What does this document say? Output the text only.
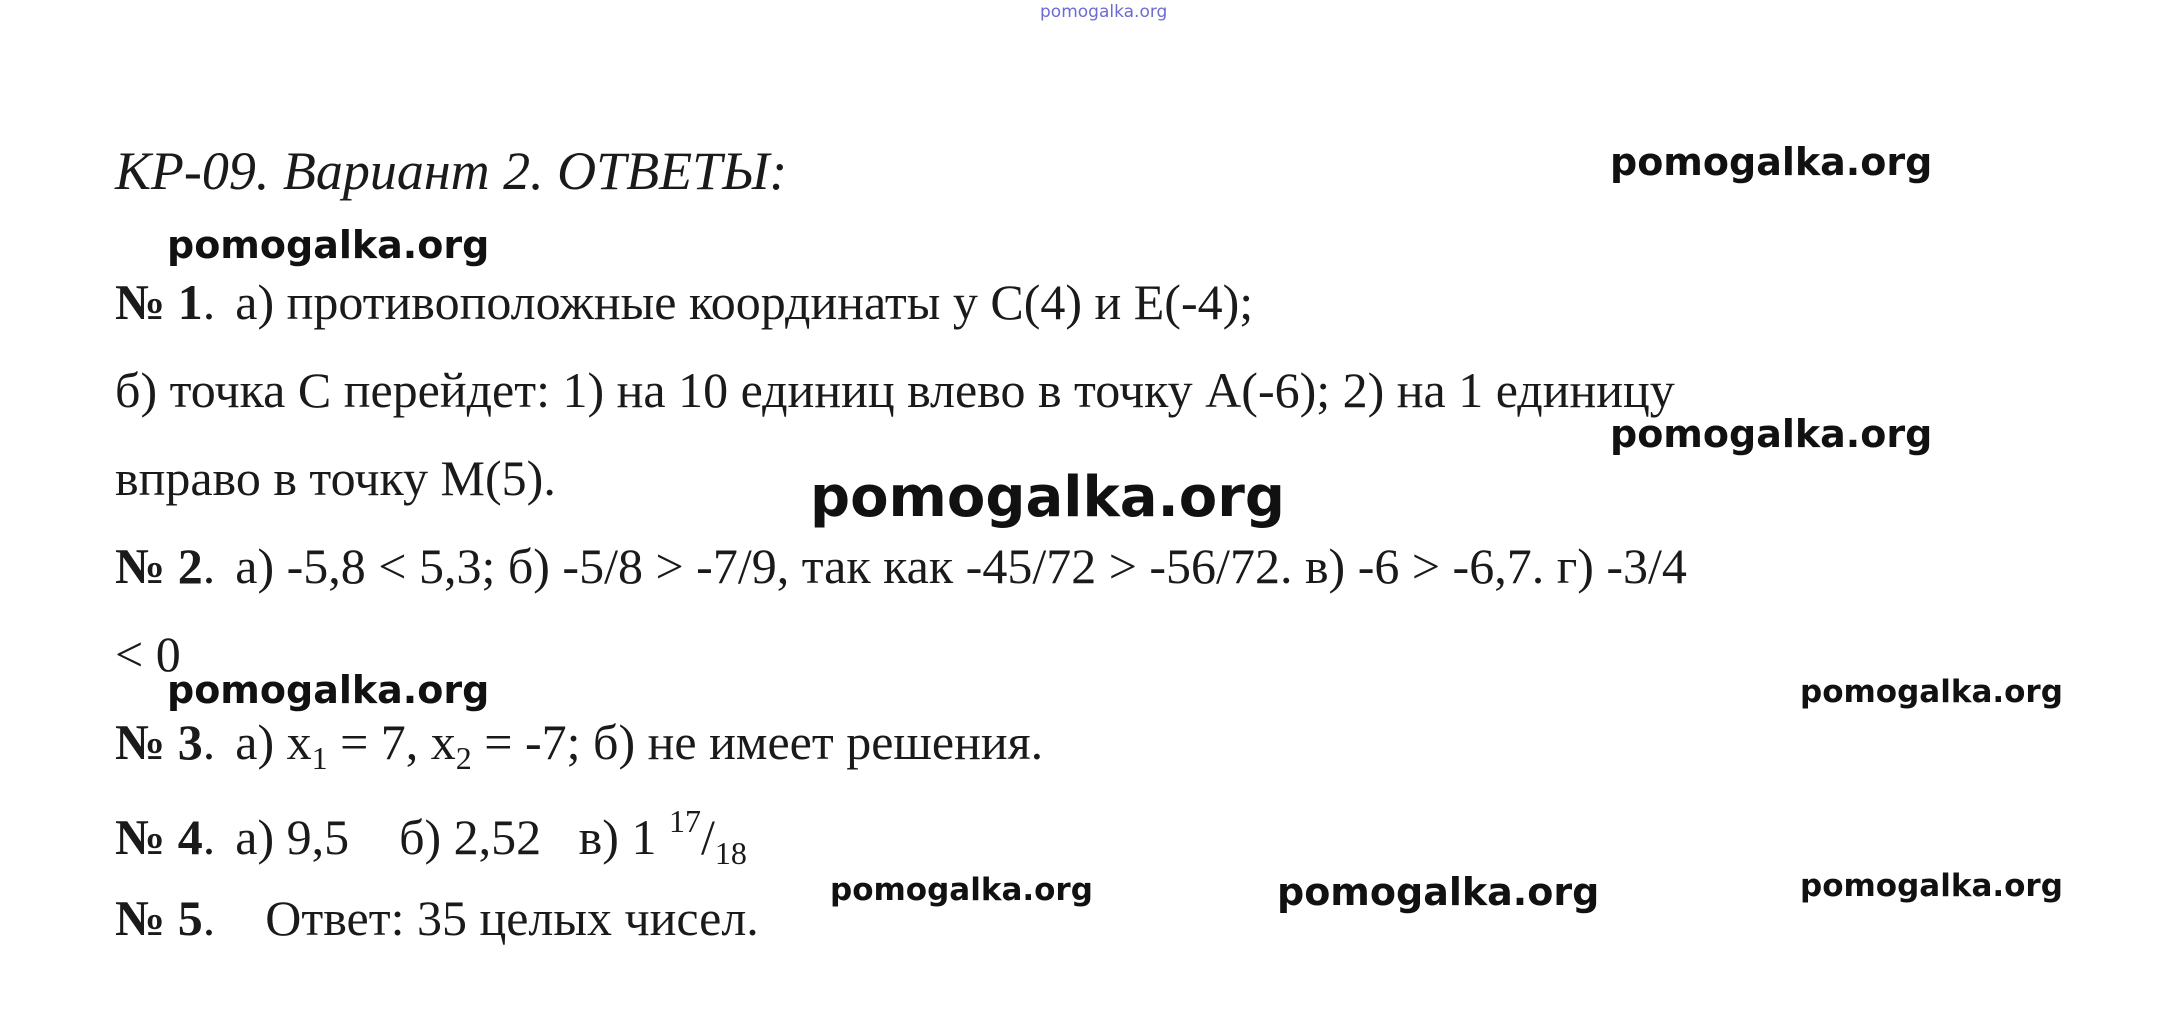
pomogalka.org
pomogalka.org
pomogalka.org
pomogalka.org
pomogalka.org
pomogalka.org	pomogalka.org
pomogalka.org	pomogalka.org	pomogalka.org
КР-09. Вариант 2. ОТВЕТЫ:
№ 1. а) противоположные координаты у C(4) и E(-4);
б) точка С перейдет: 1) на 10 единиц влево в точку А(-6); 2) на 1 единицу
вправо в точку М(5).
№ 2. а) -5,8 < 5,3; б) -5/8 > -7/9, так как -45/72 > -56/72. в) -6 > -6,7. г) -3/4
< 0
№ 3. а) $x_1 = 7$, $x_2 = -7$; б) не имеет решения.
№ 4. а) 9,5    б) 2,52   в) 1 $^{17}/_{18}$
№ 5. Ответ: 35 целых чисел.
